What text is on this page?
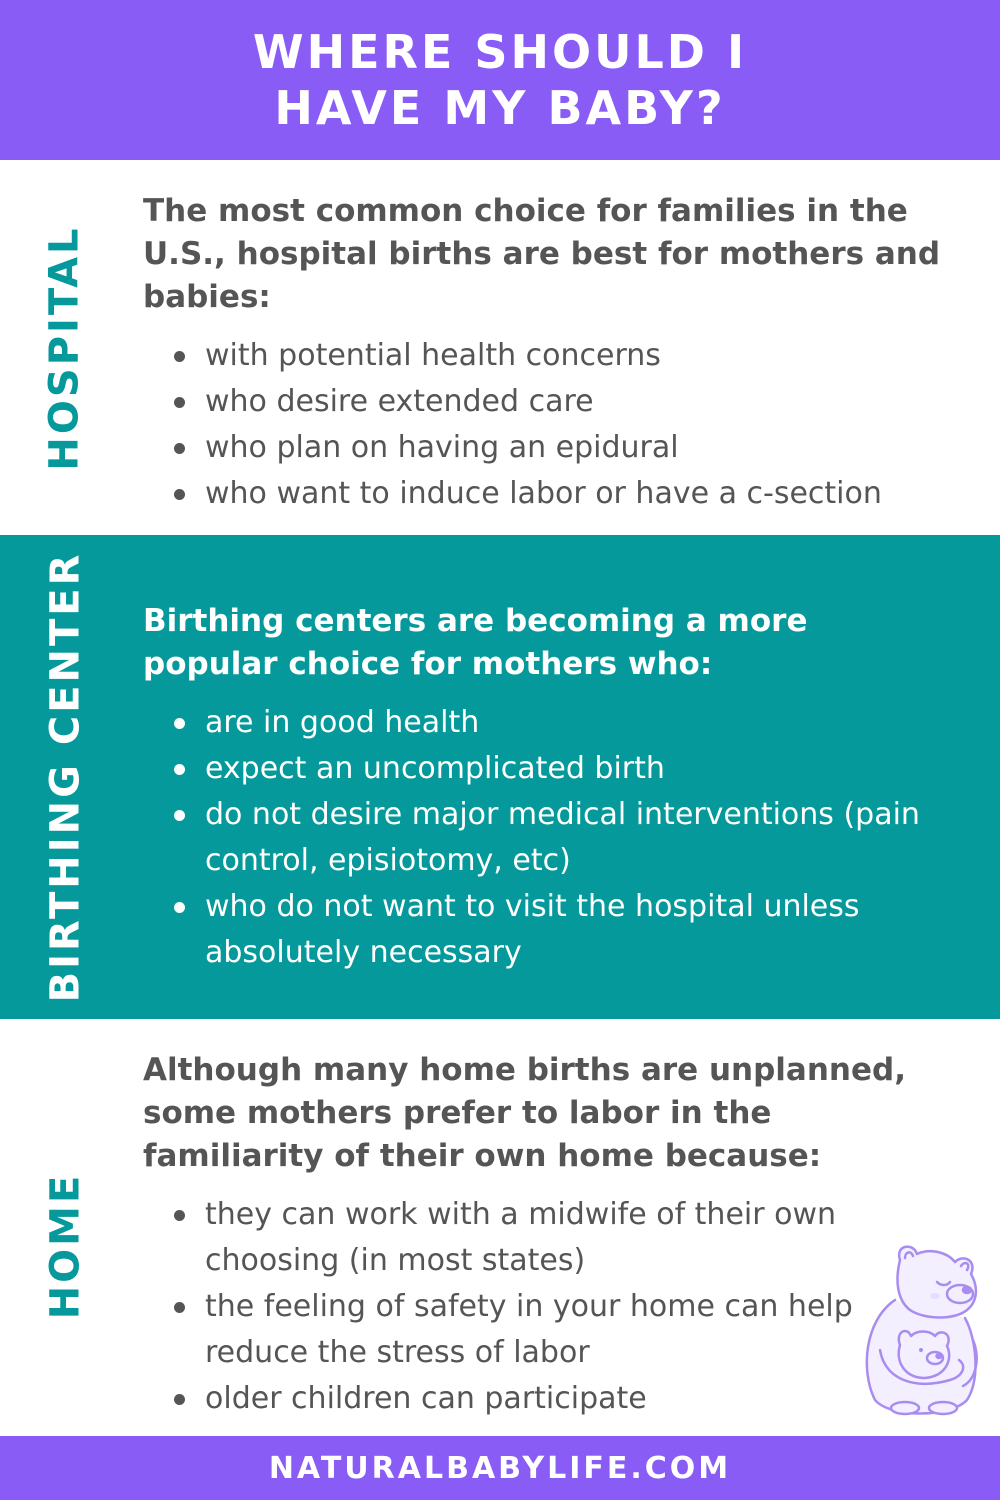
WHERE SHOULD I
HAVE MY BABY?
HOSPITAL

The most common choice for families in the U.S., hospital births are best for mothers and babies:

with potential health concerns
who desire extended care
who plan on having an epidural
who want to induce labor or have a c-section
BIRTHING CENTER Birthing centers are becoming a more popular choice for mothers who:

are in good health
expect an uncomplicated birth
do not desire major medical interventions (pain control, episiotomy, etc)
who do not want to visit the hospital unless absolutely necessary
HOME

Although many home births are unplanned, some mothers prefer to labor in the familiarity of their own home because:

they can work with a midwife of their own choosing (in most states)
the feeling of safety in your home can help reduce the stress of labor
older children can participate
NATURALBABYLIFE.COM
